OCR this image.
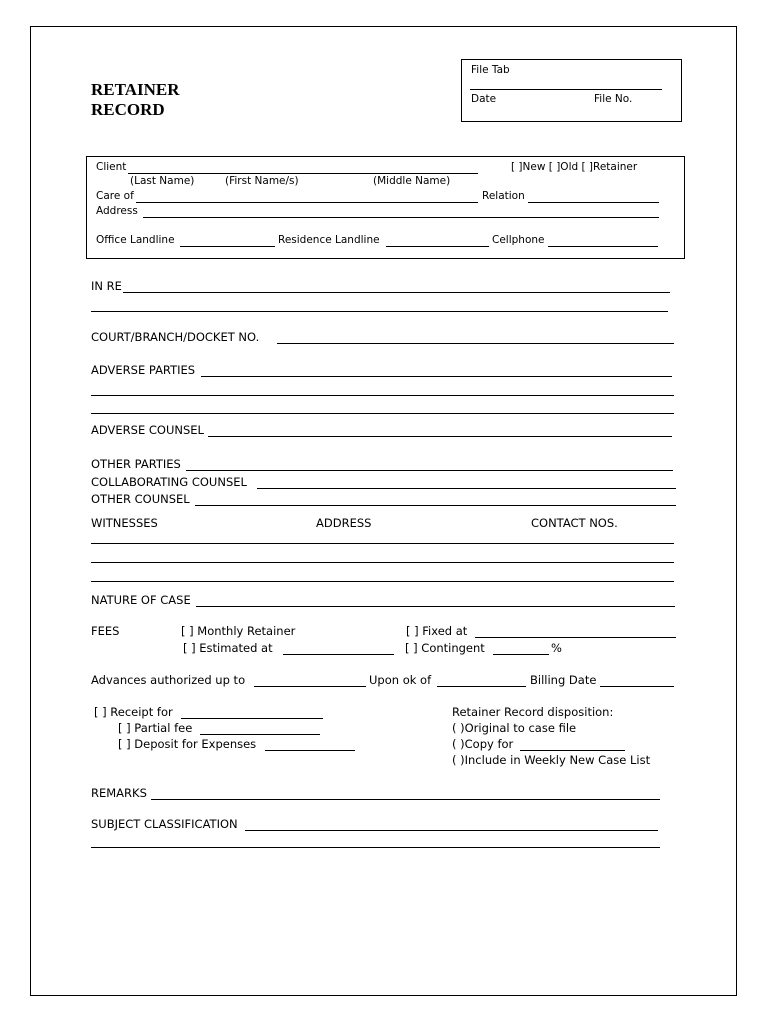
RETAINER
RECORD
File Tab
Date	File No.
Client	[ ]New [ ]Old [ ]Retainer
(Last Name)	(First Name/s)	(Middle Name)
Care of	Relation
Address
Office Landline	Residence Landline	Cellphone
IN RE
COURT/BRANCH/DOCKET NO.
ADVERSE PARTIES
ADVERSE COUNSEL
OTHER PARTIES
COLLABORATING COUNSEL
OTHER COUNSEL
WITNESSES	ADDRESS	CONTACT NOS.
NATURE OF CASE
FEES	[ ] Monthly Retainer	[ ] Fixed at
[ ] Estimated at	[ ] Contingent	%
Advances authorized up to	Upon ok of	Billing Date
[ ] Receipt for
[ ] Partial fee
[ ] Deposit for Expenses
Retainer Record disposition:
( )Original to case file
( )Copy for
( )Include in Weekly New Case List
REMARKS
SUBJECT CLASSIFICATION
